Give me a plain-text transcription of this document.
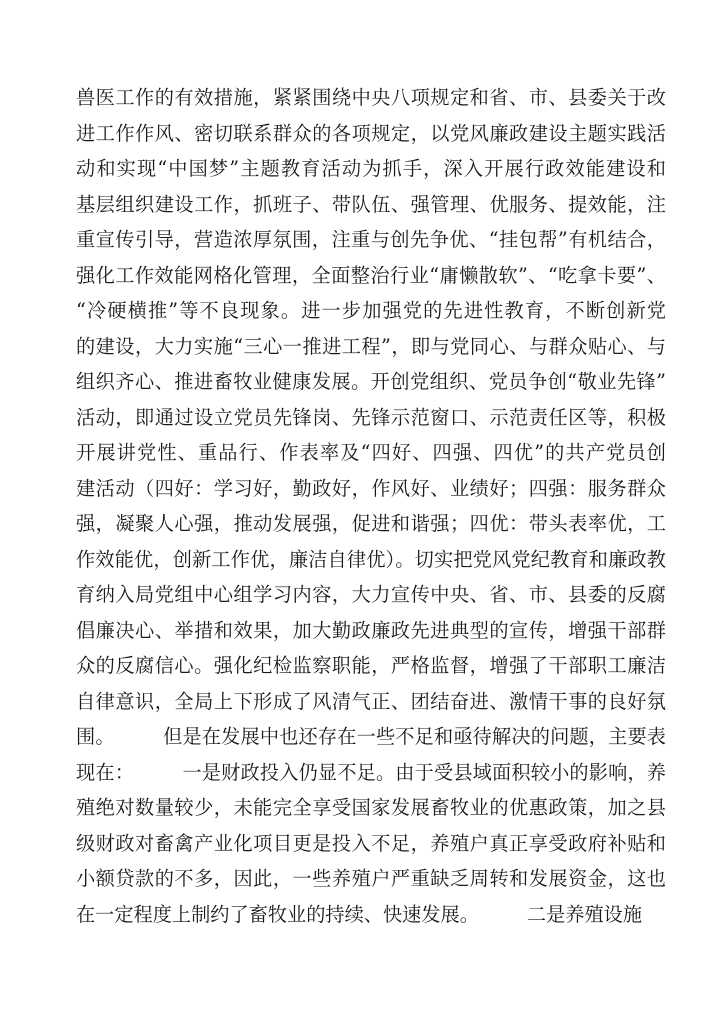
兽医工作的有效措施，紧紧围绕中央八项规定和省、市、县委关于改
进工作作风、密切联系群众的各项规定，以党风廉政建设主题实践活
动和实现“中国梦”主题教育活动为抓手，深入开展行政效能建设和
基层组织建设工作，抓班子、带队伍、强管理、优服务、提效能，注
重宣传引导，营造浓厚氛围，注重与创先争优、“挂包帮”有机结合，
强化工作效能网格化管理，全面整治行业“庸懒散软”、“吃拿卡要”、
“冷硬横推”等不良现象。进一步加强党的先进性教育，不断创新党
的建设，大力实施“三心一推进工程”，即与党同心、与群众贴心、与
组织齐心、推进畜牧业健康发展。开创党组织、党员争创“敬业先锋”
活动，即通过设立党员先锋岗、先锋示范窗口、示范责任区等，积极
开展讲党性、重品行、作表率及“四好、四强、四优”的共产党员创
建活动（四好：学习好，勤政好，作风好、业绩好；四强：服务群众
强，凝聚人心强，推动发展强，促进和谐强；四优：带头表率优，工
作效能优，创新工作优，廉洁自律优）。切实把党风党纪教育和廉政教
育纳入局党组中心组学习内容，大力宣传中央、省、市、县委的反腐
倡廉决心、举措和效果，加大勤政廉政先进典型的宣传，增强干部群
众的反腐信心。强化纪检监察职能，严格监督，增强了干部职工廉洁
自律意识，全局上下形成了风清气正、团结奋进、激情干事的良好氛
围。　　　但是在发展中也还存在一些不足和亟待解决的问题，主要表
现在：　　　一是财政投入仍显不足。由于受县域面积较小的影响，养
殖绝对数量较少，未能完全享受国家发展畜牧业的优惠政策，加之县
级财政对畜禽产业化项目更是投入不足，养殖户真正享受政府补贴和
小额贷款的不多，因此，一些养殖户严重缺乏周转和发展资金，这也
在一定程度上制约了畜牧业的持续、快速发展。　　　二是养殖设施
